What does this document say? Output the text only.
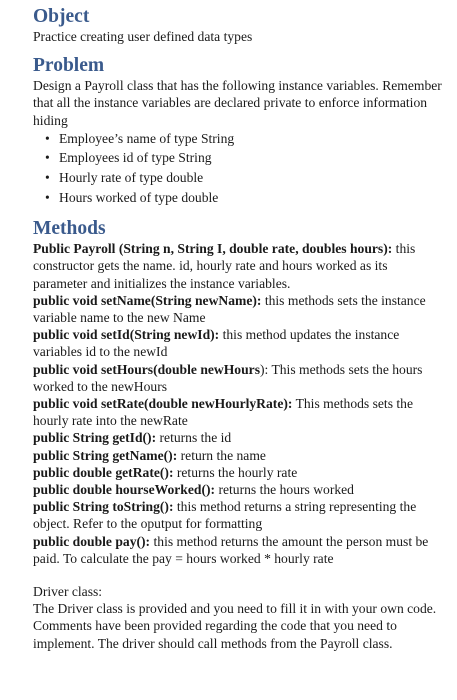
Object

Practice creating user defined data types

Problem

Design a Payroll class that has the following instance variables. Remember that all the instance variables are declared private to enforce information hiding

• Employee’s name of type String
• Employees id of type String
• Hourly rate of type double
• Hours worked of type double
Methods

Public Payroll (String n, String I, double rate, doubles hours): this constructor gets the name. id, hourly rate and hours worked as its parameter and initializes the instance variables.

public void setName(String newName): this methods sets the instance variable name to the new Name

public void setId(String newId): this method updates the instance variables id to the newId

public void setHours(double newHours): This methods sets the hours worked to the newHours

public void setRate(double newHourlyRate): This methods sets the hourly rate into the newRate

public String getId(): returns the id

public String getName(): return the name

public double getRate(): returns the hourly rate

public double hourseWorked(): returns the hours worked

public String toString(): this method returns a string representing the object. Refer to the oputput for formatting

public double pay(): this method returns the amount the person must be paid. To calculate the pay = hours worked * hourly rate

Driver class:

The Driver class is provided and you need to fill it in with your own code. Comments have been provided regarding the code that you need to implement. The driver should call methods from the Payroll class.
